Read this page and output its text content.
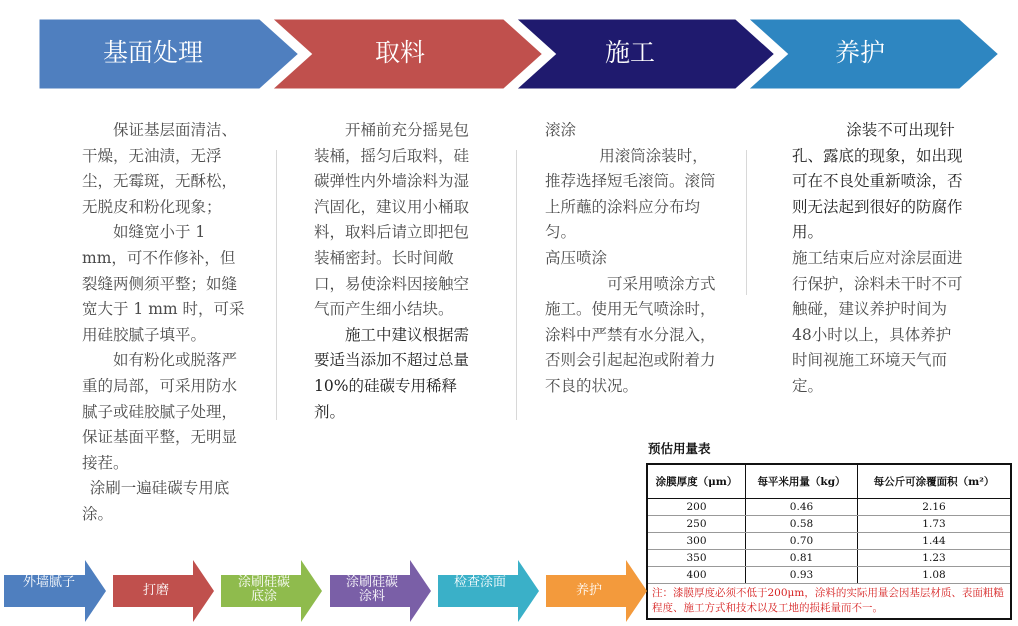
基面处理	取料	施工	养护

保证基层面清洁、干燥，无油渍，无浮尘，无霉斑，无酥松，无脱皮和粉化现象；

如缝宽小于 1 mm，可不作修补，但裂缝两侧须平整；如缝宽大于 1 mm 时，可采用硅胶腻子填平。

如有粉化或脱落严重的局部，可采用防水腻子或硅胶腻子处理，保证基面平整，无明显接茬。

涂刷一遍硅碳专用底涂。

开桶前充分摇晃包装桶，摇匀后取料，硅碳弹性内外墙涂料为湿汽固化，建议用小桶取料，取料后请立即把包装桶密封。长时间敞口，易使涂料因接触空气而产生细小结块。

施工中建议根据需要适当添加不超过总量10%的硅碳专用稀释剂。

滚涂

用滚筒涂装时，推荐选择短毛滚筒。滚筒上所蘸的涂料应分布均匀。

高压喷涂

可采用喷涂方式施工。使用无气喷涂时，涂料中严禁有水分混入，否则会引起起泡或附着力不良的状况。

涂装不可出现针孔、露底的现象，如出现可在不良处重新喷涂，否则无法起到很好的防腐作用。

施工结束后应对涂层面进行保护，涂料未干时不可触碰，建议养护时间为 48小时以上，具体养护时间视施工环境天气而定。

预估用量表
涂膜厚度（μm）	每平米用量（kg）	每公斤可涂覆面积（m²）
200	0.46	2.16
250	0.58	1.73
300	0.70	1.44
350	0.81	1.23
400	0.93	1.08
注：漆膜厚度必须不低于200μm，涂料的实际用量会因基层材质、表面粗糙程度、施工方式和技术以及工地的损耗量而不一。		
外墙腻子
打磨
涂刷硅碳底涂
涂刷硅碳涂料
检查涂面
养护
